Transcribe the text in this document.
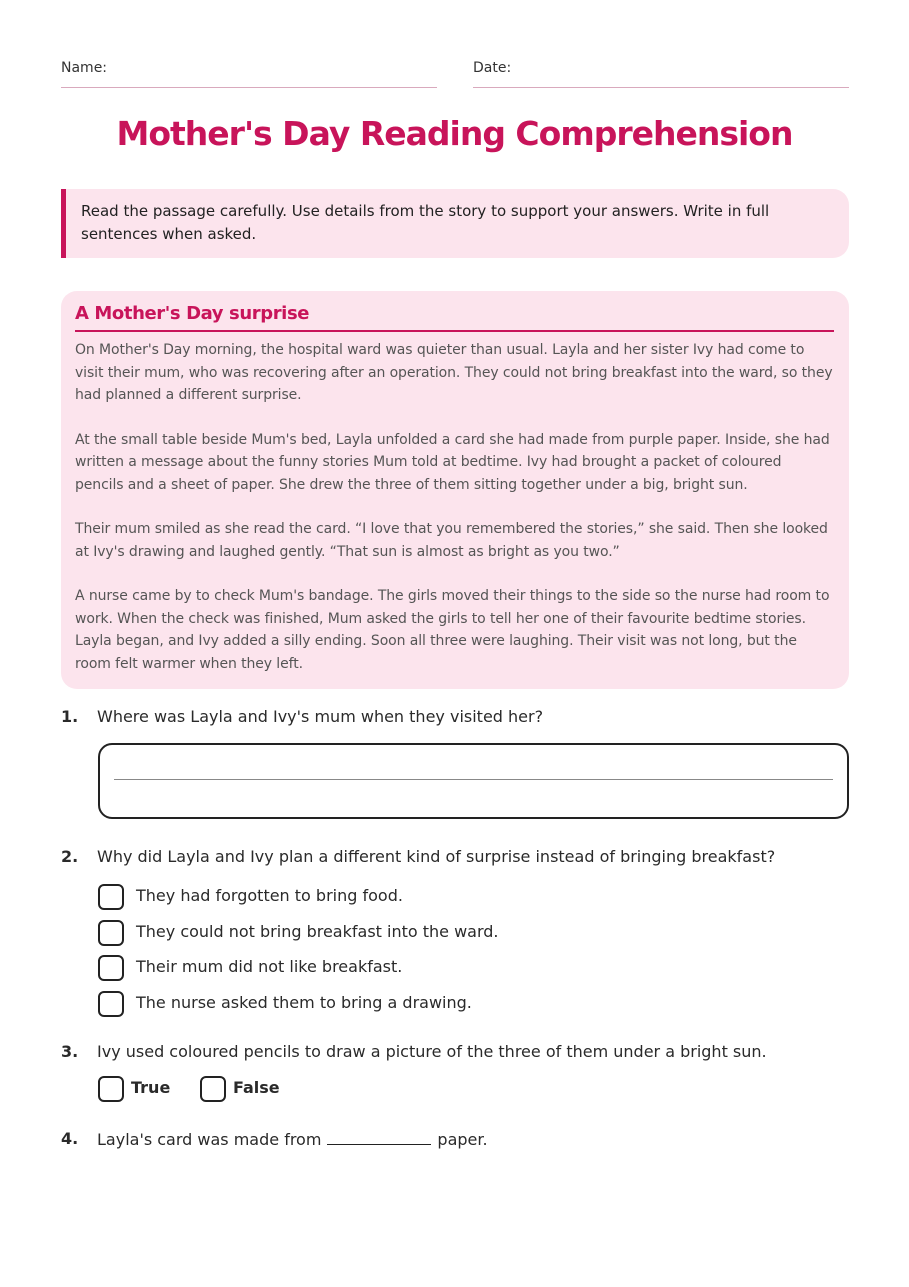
Name:	Date:
Mother's Day Reading Comprehension
Read the passage carefully. Use details from the story to support your answers. Write in full sentences when asked.
A Mother's Day surprise

On Mother's Day morning, the hospital ward was quieter than usual. Layla and her sister Ivy had come to visit their mum, who was recovering after an operation. They could not bring breakfast into the ward, so they had planned a different surprise.

At the small table beside Mum's bed, Layla unfolded a card she had made from purple paper. Inside, she had written a message about the funny stories Mum told at bedtime. Ivy had brought a packet of coloured pencils and a sheet of paper. She drew the three of them sitting together under a big, bright sun.

Their mum smiled as she read the card. “I love that you remembered the stories,” she said. Then she looked at Ivy's drawing and laughed gently. “That sun is almost as bright as you two.”

A nurse came by to check Mum's bandage. The girls moved their things to the side so the nurse had room to work. When the check was finished, Mum asked the girls to tell her one of their favourite bedtime stories. Layla began, and Ivy added a silly ending. Soon all three were laughing. Their visit was not long, but the room felt warmer when they left.

1. Where was Layla and Ivy's mum when they visited her?
2. Why did Layla and Ivy plan a different kind of surprise instead of bringing breakfast?
They had forgotten to bring food.
They could not bring breakfast into the ward.
Their mum did not like breakfast.
The nurse asked them to bring a drawing.
3. Ivy used coloured pencils to draw a picture of the three of them under a bright sun.
True	False
4. Layla's card was made from	paper.
